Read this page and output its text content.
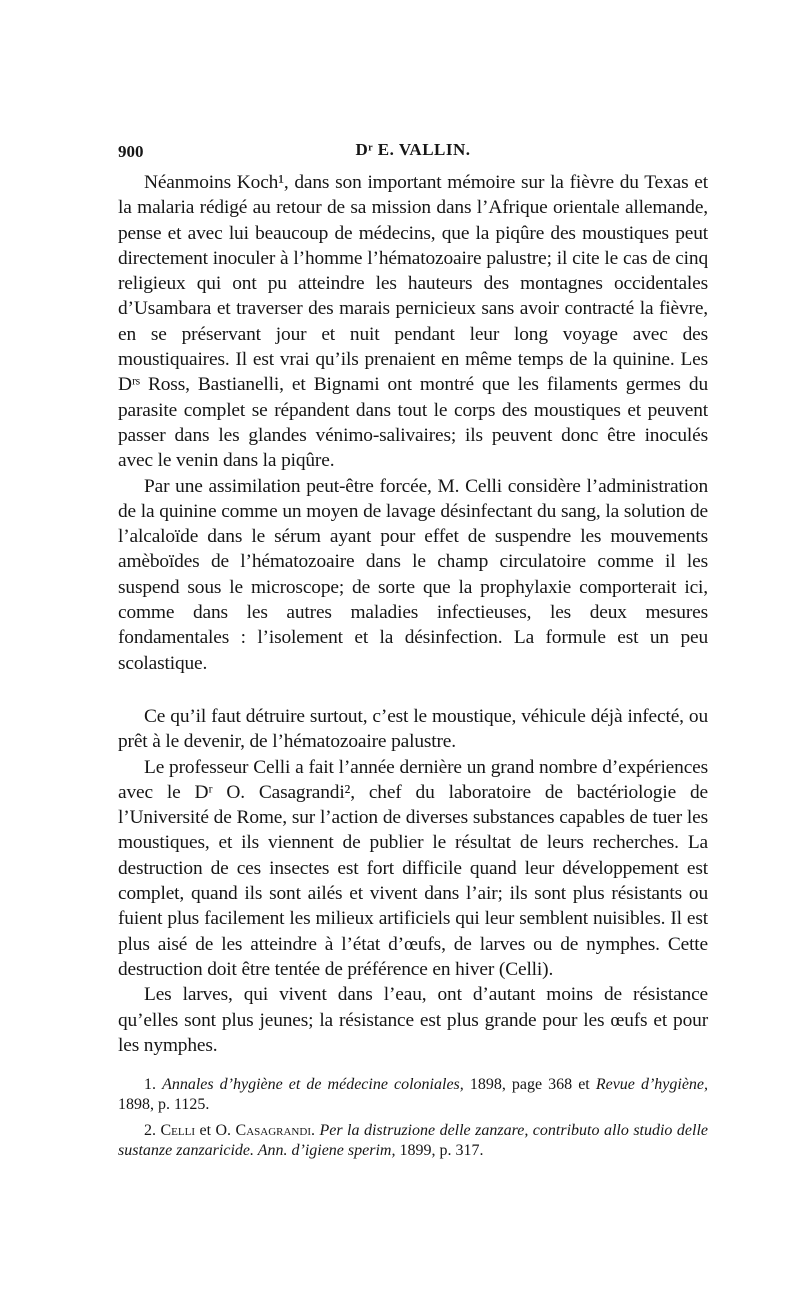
900	Dʳ E. VALLIN.

Néanmoins Koch¹, dans son important mémoire sur la fièvre du Texas et la malaria rédigé au retour de sa mission dans l’Afrique orientale allemande, pense et avec lui beaucoup de médecins, que la piqûre des moustiques peut directement inoculer à l’homme l’hématozoaire palustre; il cite le cas de cinq religieux qui ont pu atteindre les hauteurs des montagnes occidentales d’Usambara et traverser des marais pernicieux sans avoir contracté la fièvre, en se préservant jour et nuit pendant leur long voyage avec des moustiquaires. Il est vrai qu’ils prenaient en même temps de la quinine. Les Dʳˢ Ross, Bastianelli, et Bignami ont montré que les filaments germes du parasite complet se répandent dans tout le corps des moustiques et peuvent passer dans les glandes vénimo-salivaires; ils peuvent donc être inoculés avec le venin dans la piqûre.

Par une assimilation peut-être forcée, M. Celli considère l’administration de la quinine comme un moyen de lavage désinfectant du sang, la solution de l’alcaloïde dans le sérum ayant pour effet de suspendre les mouvements amèboïdes de l’hématozoaire dans le champ circulatoire comme il les suspend sous le microscope; de sorte que la prophylaxie comporterait ici, comme dans les autres maladies infectieuses, les deux mesures fondamentales : l’isolement et la désinfection. La formule est un peu scolastique.

Ce qu’il faut détruire surtout, c’est le moustique, véhicule déjà infecté, ou prêt à le devenir, de l’hématozoaire palustre.

Le professeur Celli a fait l’année dernière un grand nombre d’expériences avec le Dʳ O. Casagrandi², chef du laboratoire de bactériologie de l’Université de Rome, sur l’action de diverses substances capables de tuer les moustiques, et ils viennent de publier le résultat de leurs recherches. La destruction de ces insectes est fort difficile quand leur développement est complet, quand ils sont ailés et vivent dans l’air; ils sont plus résistants ou fuient plus facilement les milieux artificiels qui leur semblent nuisibles. Il est plus aisé de les atteindre à l’état d’œufs, de larves ou de nymphes. Cette destruction doit être tentée de préférence en hiver (Celli).

Les larves, qui vivent dans l’eau, ont d’autant moins de résistance qu’elles sont plus jeunes; la résistance est plus grande pour les œufs et pour les nymphes.

1. Annales d’hygiène et de médecine coloniales, 1898, page 368 et Revue d’hygiène, 1898, p. 1125.

2. Celli et O. Casagrandi. Per la distruzione delle zanzare, contributo allo studio delle sustanze zanzaricide. Ann. d’igiene sperim, 1899, p. 317.
